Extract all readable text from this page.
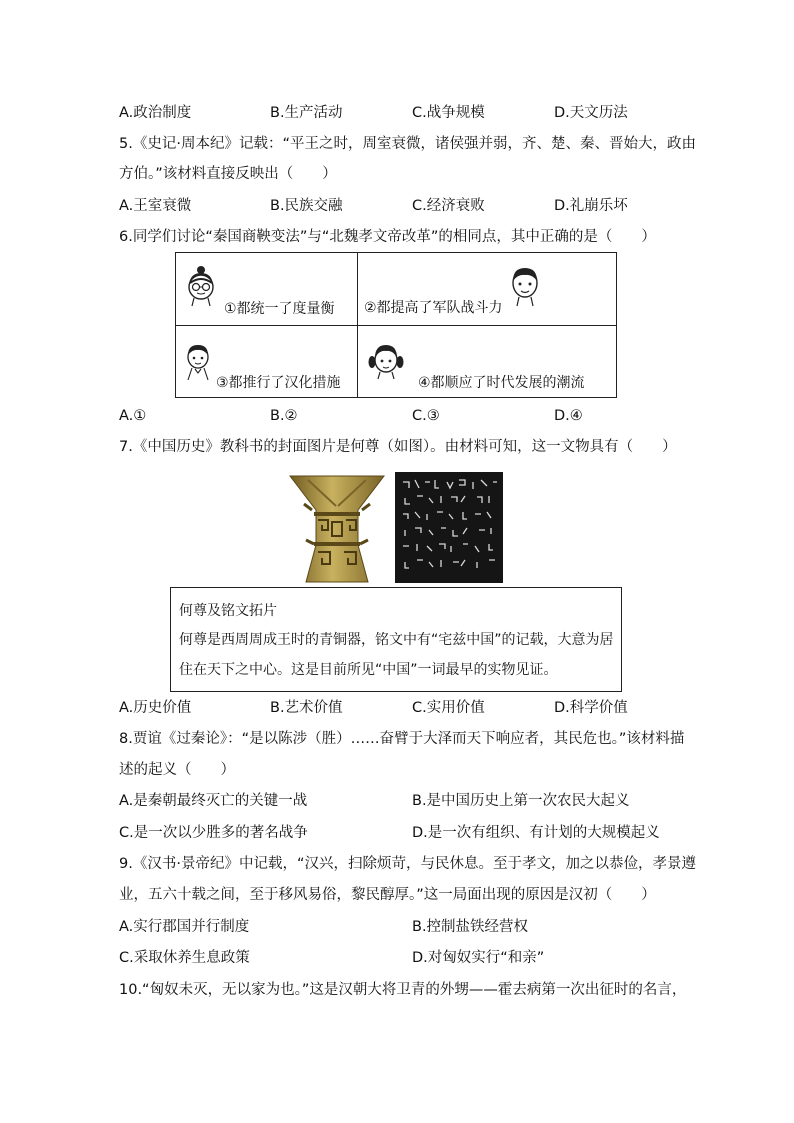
A.政治制度	B.生产活动	C.战争规模	D.天文历法
5.《史记·周本纪》记载：“平王之时，周室衰微，诸侯强并弱，齐、楚、秦、晋始大，政由
方伯。”该材料直接反映出（　　）
A.王室衰微	B.民族交融	C.经济衰败	D.礼崩乐坏
6.同学们讨论“秦国商鞅变法”与“北魏孝文帝改革”的相同点，其中正确的是（　　）
①都统一了度量衡 ②都提高了军队战斗力
③都推行了汉化措施	④都顺应了时代发展的潮流
A.①	B.②	C.③	D.④
7.《中国历史》教科书的封面图片是何尊（如图）。由材料可知，这一文物具有（　　）
何尊及铭文拓片
何尊是西周周成王时的青铜器，铭文中有“宅兹中国”的记载，大意为居
住在天下之中心。这是目前所见“中国”一词最早的实物见证。
A.历史价值	B.艺术价值	C.实用价值	D.科学价值
8.贾谊《过秦论》：“是以陈涉（胜）……奋臂于大泽而天下响应者，其民危也。”该材料描
述的起义（　　）
A.是秦朝最终灭亡的关键一战	B.是中国历史上第一次农民大起义
C.是一次以少胜多的著名战争	D.是一次有组织、有计划的大规模起义
9.《汉书·景帝纪》中记载，“汉兴，扫除烦苛，与民休息。至于孝文，加之以恭俭，孝景遵
业，五六十载之间，至于移风易俗，黎民醇厚。”这一局面出现的原因是汉初（　　）
A.实行郡国并行制度	B.控制盐铁经营权
C.采取休养生息政策	D.对匈奴实行“和亲”
10.“匈奴未灭，无以家为也。”这是汉朝大将卫青的外甥——霍去病第一次出征时的名言，
